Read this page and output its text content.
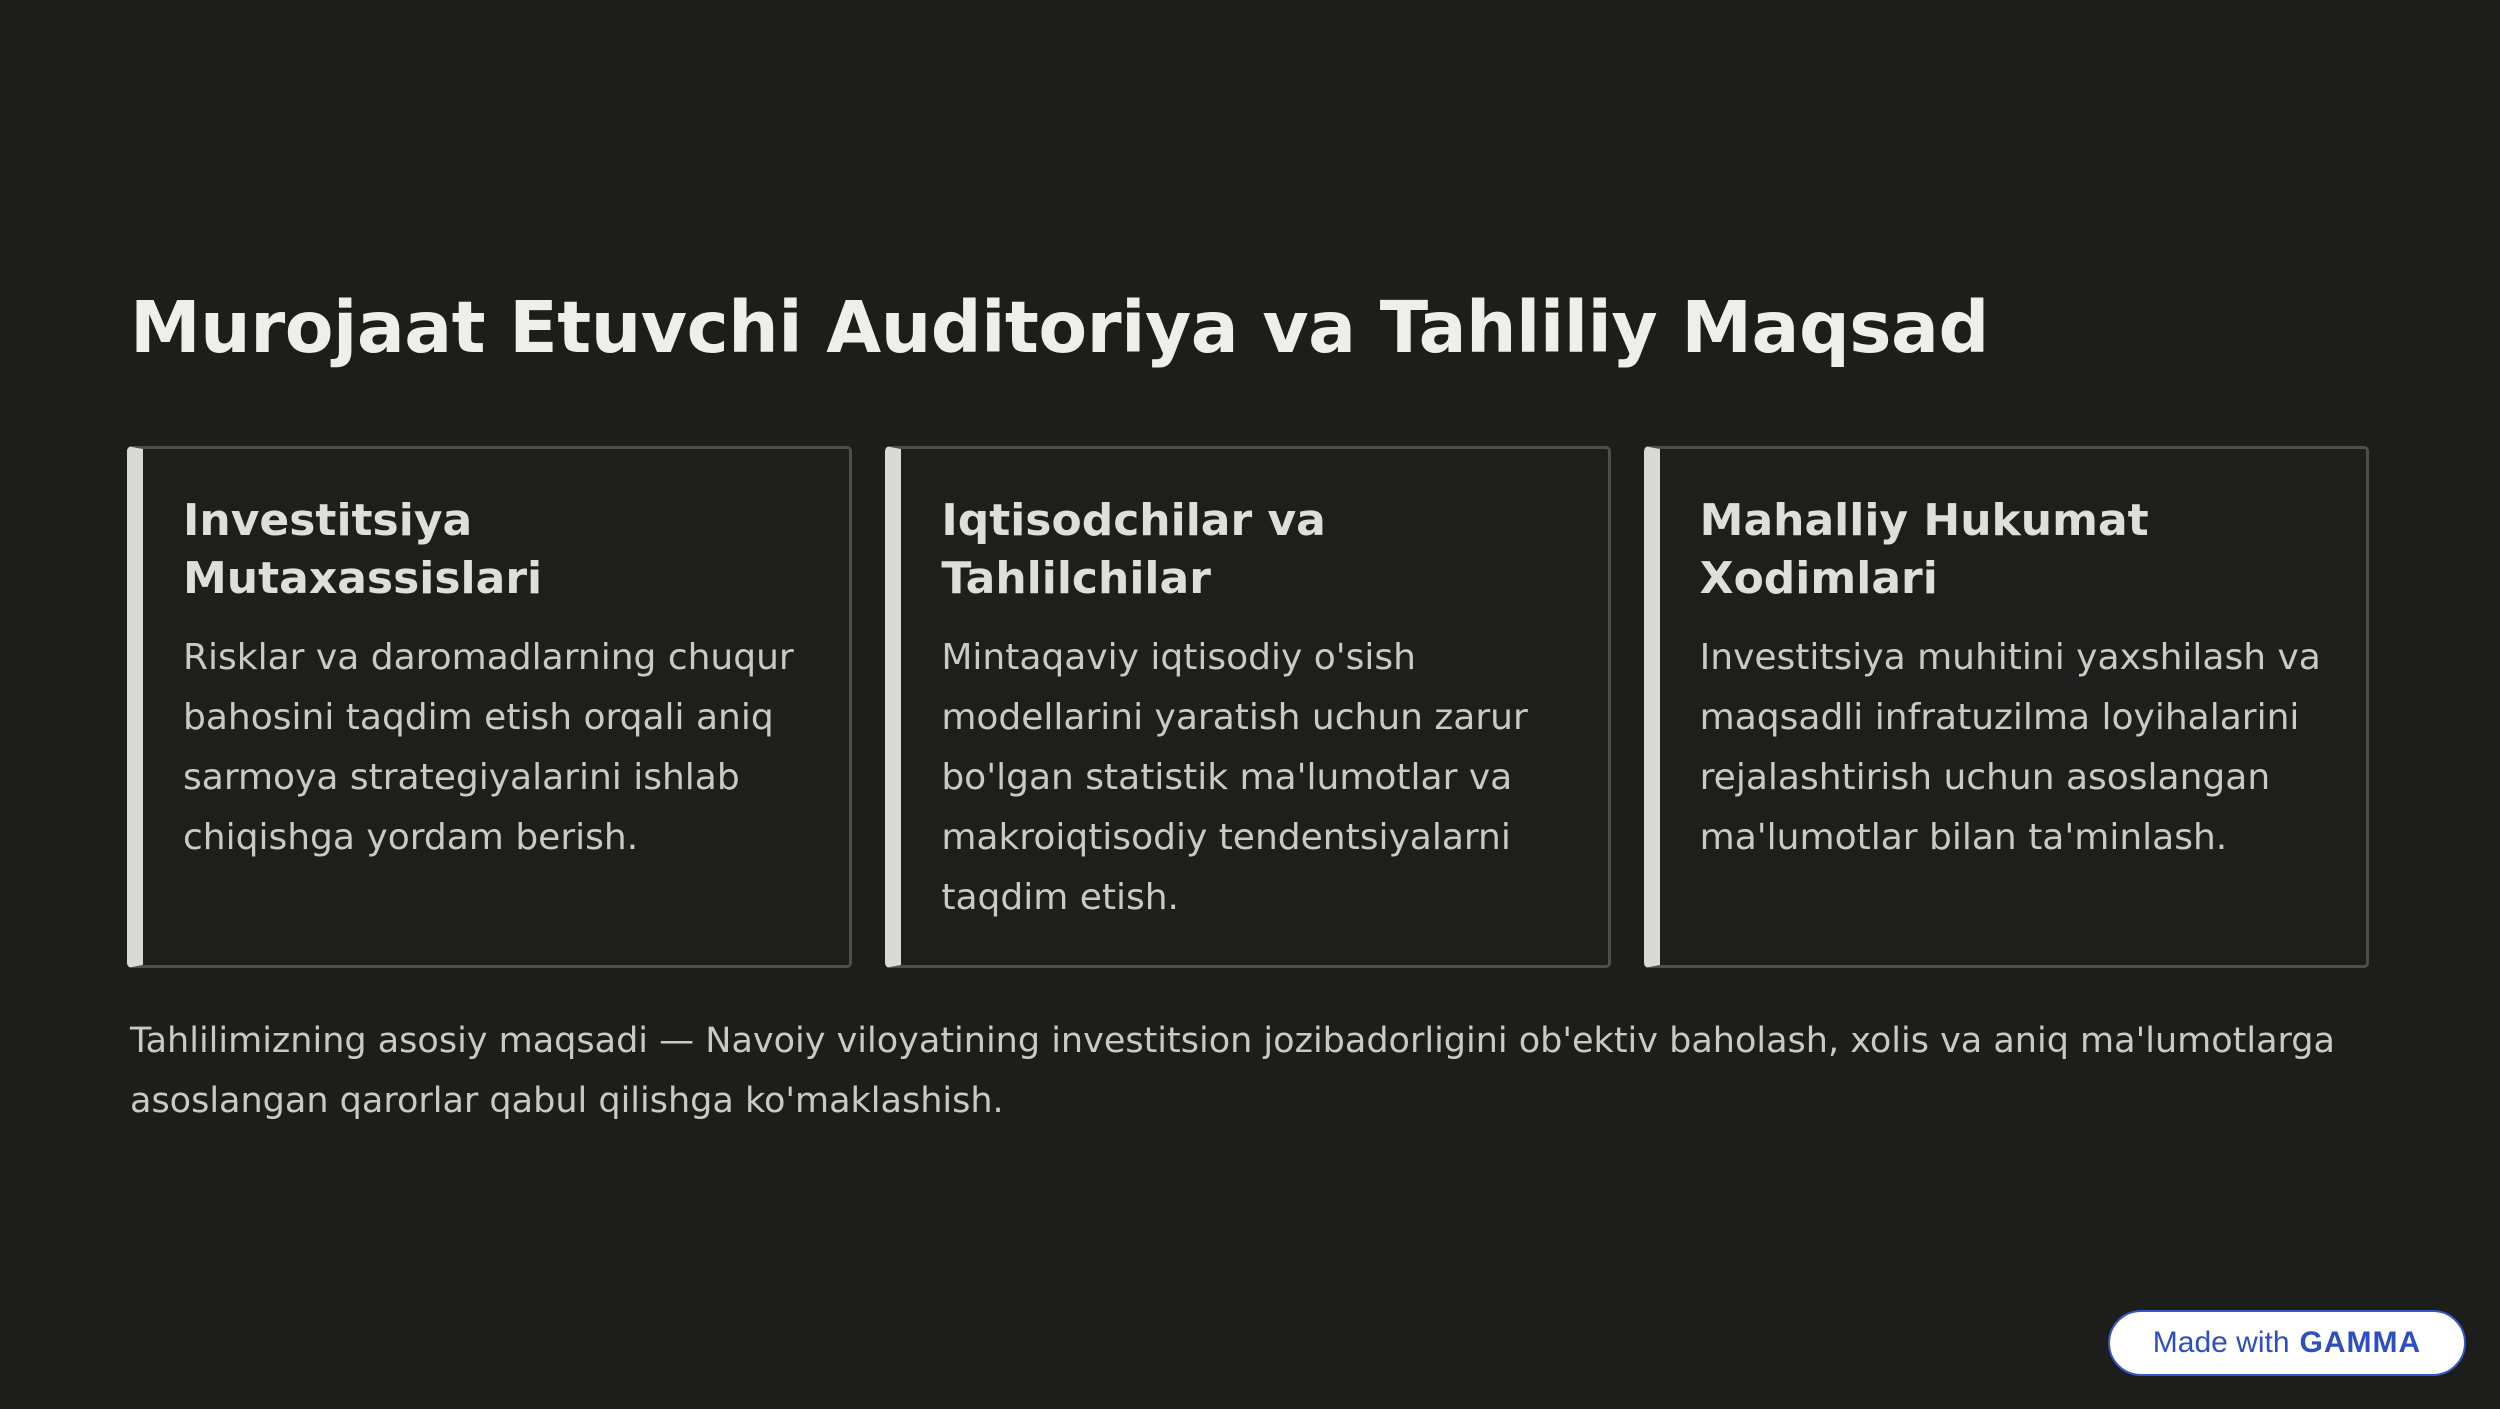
Murojaat Etuvchi Auditoriya va Tahliliy Maqsad
Investitsiya Mutaxassislari

Risklar va daromadlarning chuqur bahosini taqdim etish orqali aniq sarmoya strategiyalarini ishlab chiqishga yordam berish.

Iqtisodchilar va Tahlilchilar

Mintaqaviy iqtisodiy o'sish modellarini yaratish uchun zarur bo'lgan statistik ma'lumotlar va makroiqtisodiy tendentsiyalarni taqdim etish.

Mahalliy Hukumat Xodimlari

Investitsiya muhitini yaxshilash va maqsadli infratuzilma loyihalarini rejalashtirish uchun asoslangan ma'lumotlar bilan ta'minlash.

Tahlilimizning asosiy maqsadi — Navoiy viloyatining investitsion jozibadorligini ob'ektiv baholash, xolis va aniq ma'lumotlarga asoslangan qarorlar qabul qilishga ko'maklashish.

Made with GAMMA
